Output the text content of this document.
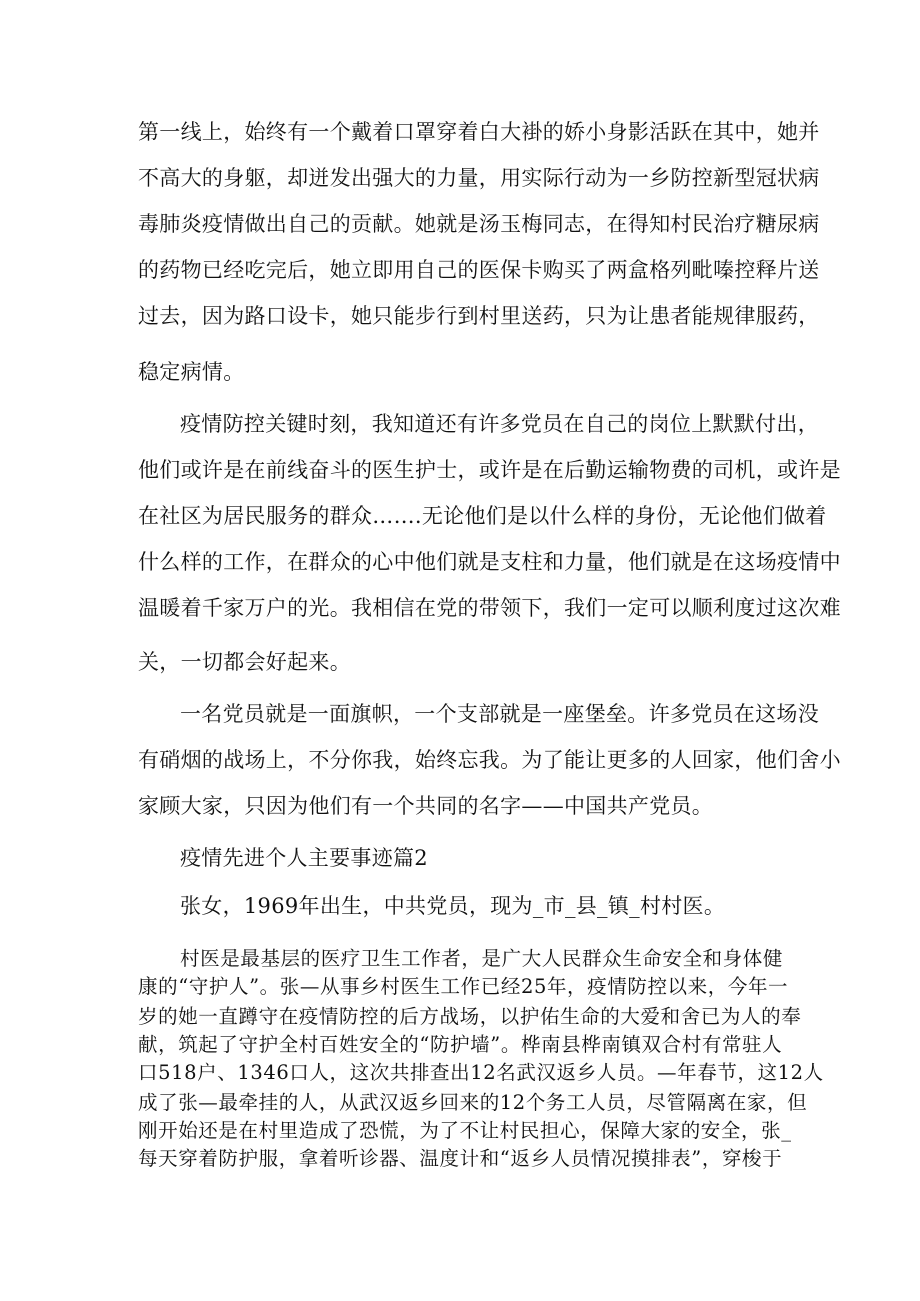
第一线上，始终有一个戴着口罩穿着白大褂的娇小身影活跃在其中，她并
不高大的身躯，却迸发出强大的力量，用实际行动为一乡防控新型冠状病
毒肺炎疫情做出自己的贡献。她就是汤玉梅同志，在得知村民治疗糖尿病
的药物已经吃完后，她立即用自己的医保卡购买了两盒格列毗嗪控释片送
过去，因为路口设卡，她只能步行到村里送药，只为让患者能规律服药，
稳定病情。
疫情防控关键时刻，我知道还有许多党员在自己的岗位上默默付出，
他们或许是在前线奋斗的医生护士，或许是在后勤运输物费的司机，或许是
在社区为居民服务的群众…….无论他们是以什么样的身份，无论他们做着
什么样的工作，在群众的心中他们就是支柱和力量，他们就是在这场疫情中
温暖着千家万户的光。我相信在党的带领下，我们一定可以顺利度过这次难
关，一切都会好起来。
一名党员就是一面旗帜，一个支部就是一座堡垒。许多党员在这场没
有硝烟的战场上，不分你我，始终忘我。为了能让更多的人回家，他们舍小
家顾大家，只因为他们有一个共同的名字——中国共产党员。
疫情先进个人主要事迹篇2
张女，1969年出生，中共党员，现为_市_县_镇_村村医。
村医是最基层的医疗卫生工作者，是广大人民群众生命安全和身体健
康的“守护人”。张—从事乡村医生工作已经25年，疫情防控以来，今年一
岁的她一直蹲守在疫情防控的后方战场，以护佑生命的大爱和舍已为人的奉
献，筑起了守护全村百姓安全的“防护墙”。桦南县桦南镇双合村有常驻人
口518户、1346口人，这次共排查出12名武汉返乡人员。—年春节，这12人
成了张—最牵挂的人，从武汉返乡回来的12个务工人员，尽管隔离在家，但
刚开始还是在村里造成了恐慌，为了不让村民担心，保障大家的安全，张_
每天穿着防护服，拿着听诊器、温度计和“返乡人员情况摸排表”，穿梭于
